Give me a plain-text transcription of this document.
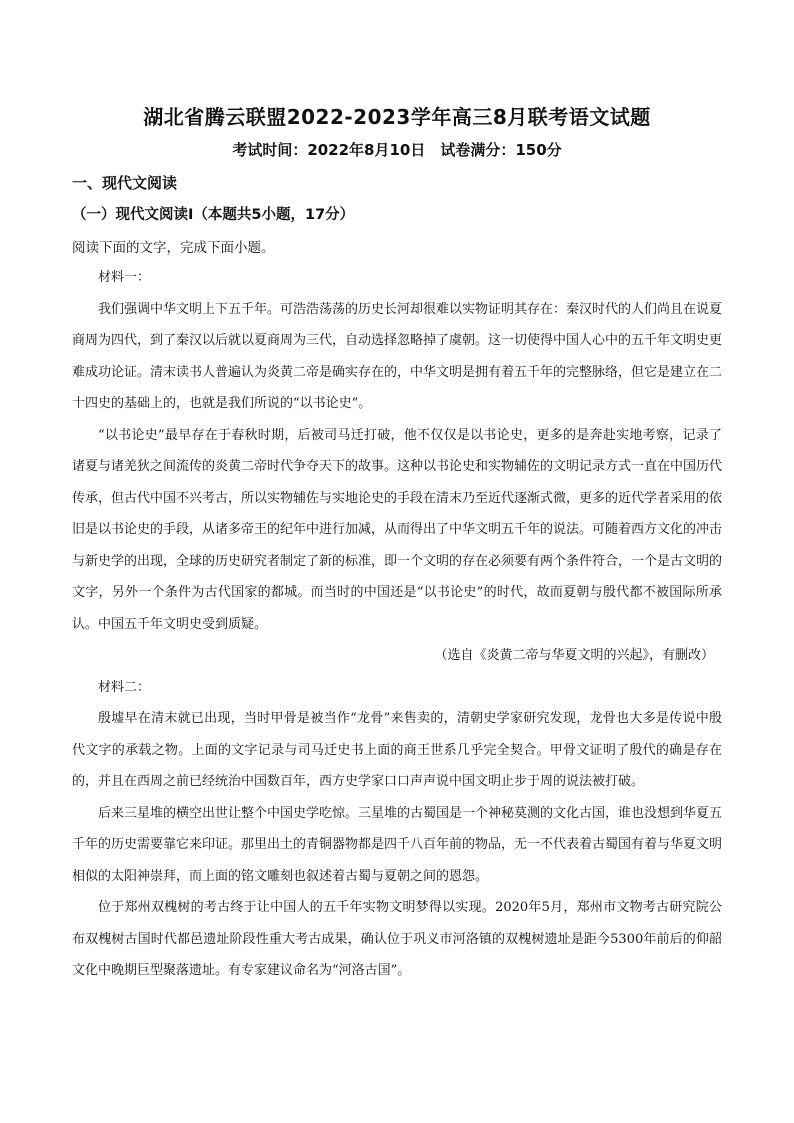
湖北省腾云联盟2022-2023学年高三8月联考语文试题
考试时间：2022年8月10日　试卷满分：150分
一、现代文阅读
（一）现代文阅读Ⅰ（本题共5小题，17分）
阅读下面的文字，完成下面小题。

材料一：

我们强调中华文明上下五千年。可浩浩荡荡的历史长河却很难以实物证明其存在：秦汉时代的人们尚且在说夏商周为四代，到了秦汉以后就以夏商周为三代，自动选择忽略掉了虞朝。这一切使得中国人心中的五千年文明史更难成功论证。清末读书人普遍认为炎黄二帝是确实存在的，中华文明是拥有着五千年的完整脉络，但它是建立在二十四史的基础上的，也就是我们所说的“以书论史”。

“以书论史”最早存在于春秋时期，后被司马迁打破，他不仅仅是以书论史，更多的是奔赴实地考察，记录了诸夏与诸羌狄之间流传的炎黄二帝时代争夺天下的故事。这种以书论史和实物辅佐的文明记录方式一直在中国历代传承，但古代中国不兴考古，所以实物辅佐与实地论史的手段在清末乃至近代逐渐式微，更多的近代学者采用的依旧是以书论史的手段，从诸多帝王的纪年中进行加减，从而得出了中华文明五千年的说法。可随着西方文化的冲击与新史学的出现，全球的历史研究者制定了新的标准，即一个文明的存在必须要有两个条件符合，一个是古文明的文字，另外一个条件为古代国家的都城。而当时的中国还是“以书论史”的时代，故而夏朝与殷代都不被国际所承认。中国五千年文明史受到质疑。

（选自《炎黄二帝与华夏文明的兴起》，有删改）

材料二：

殷墟早在清末就已出现，当时甲骨是被当作“龙骨”来售卖的，清朝史学家研究发现，龙骨也大多是传说中殷代文字的承载之物。上面的文字记录与司马迁史书上面的商王世系几乎完全契合。甲骨文证明了殷代的确是存在的，并且在西周之前已经统治中国数百年，西方史学家口口声声说中国文明止步于周的说法被打破。

后来三星堆的横空出世让整个中国史学吃惊。三星堆的古蜀国是一个神秘莫测的文化古国，谁也没想到华夏五千年的历史需要靠它来印证。那里出土的青铜器物都是四千八百年前的物品，无一不代表着古蜀国有着与华夏文明相似的太阳神崇拜，而上面的铭文雕刻也叙述着古蜀与夏朝之间的恩怨。

位于郑州双槐树的考古终于让中国人的五千年实物文明梦得以实现。2020年5月，郑州市文物考古研究院公布双槐树古国时代都邑遗址阶段性重大考古成果，确认位于巩义市河洛镇的双槐树遗址是距今5300年前后的仰韶文化中晚期巨型聚落遗址。有专家建议命名为“河洛古国”。
